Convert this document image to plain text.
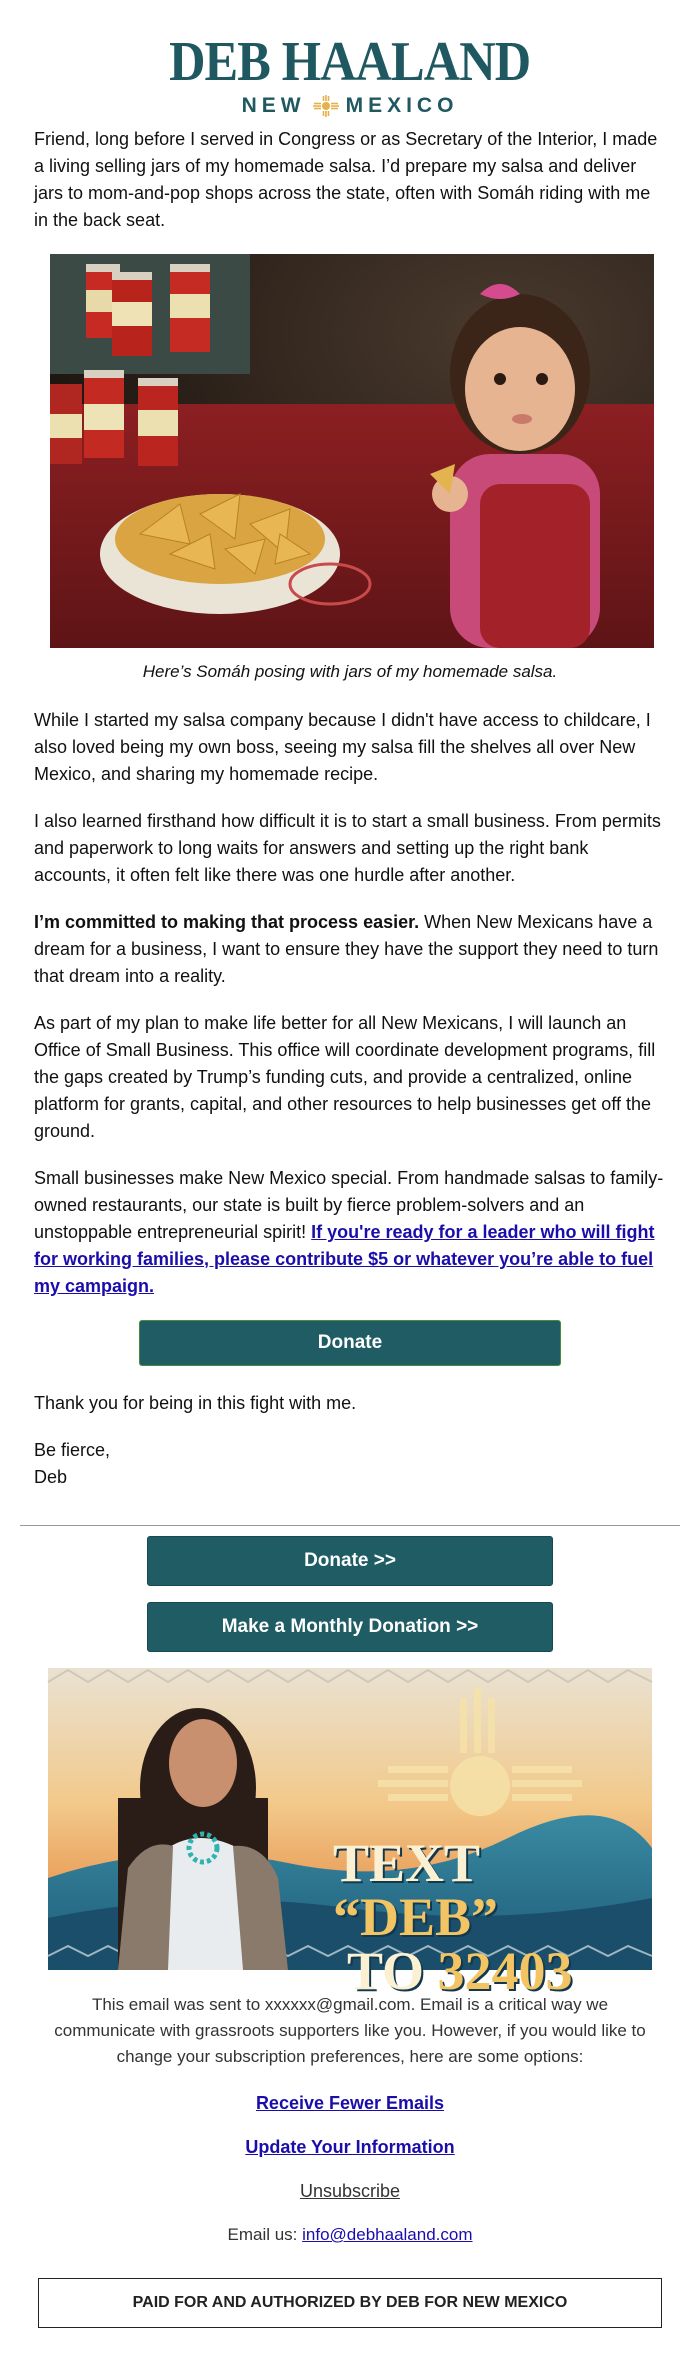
DEB HAALAND
NEW MEXICO

Friend, long before I served in Congress or as Secretary of the Interior, I made a living selling jars of my homemade salsa. I’d prepare my salsa and deliver jars to mom-and-pop shops across the state, often with Somáh riding with me in the back seat.

Here’s Somáh posing with jars of my homemade salsa.

While I started my salsa company because I didn't have access to childcare, I also loved being my own boss, seeing my salsa fill the shelves all over New Mexico, and sharing my homemade recipe.

I also learned firsthand how difficult it is to start a small business. From permits and paperwork to long waits for answers and setting up the right bank accounts, it often felt like there was one hurdle after another.

I’m committed to making that process easier. When New Mexicans have a dream for a business, I want to ensure they have the support they need to turn that dream into a reality.

As part of my plan to make life better for all New Mexicans, I will launch an Office of Small Business. This office will coordinate development programs, fill the gaps created by Trump’s funding cuts, and provide a centralized, online platform for grants, capital, and other resources to help businesses get off the ground.

Small businesses make New Mexico special. From handmade salsas to family-owned restaurants, our state is built by fierce problem-solvers and an unstoppable entrepreneurial spirit! If you're ready for a leader who will fight for working families, please contribute $5 or whatever you’re able to fuel my campaign.

Donate

Thank you for being in this fight with me.

Be fierce,
Deb

Donate >>
Make a Monthly Donation >>
TEXT “DEB”
TO 32403

This email was sent to xxxxxx@gmail.com. Email is a critical way we communicate with grassroots supporters like you. However, if you would like to change your subscription preferences, here are some options:

Receive Fewer Emails
Update Your Information
Unsubscribe

Email us: info@debhaaland.com

PAID FOR AND AUTHORIZED BY DEB FOR NEW MEXICO
